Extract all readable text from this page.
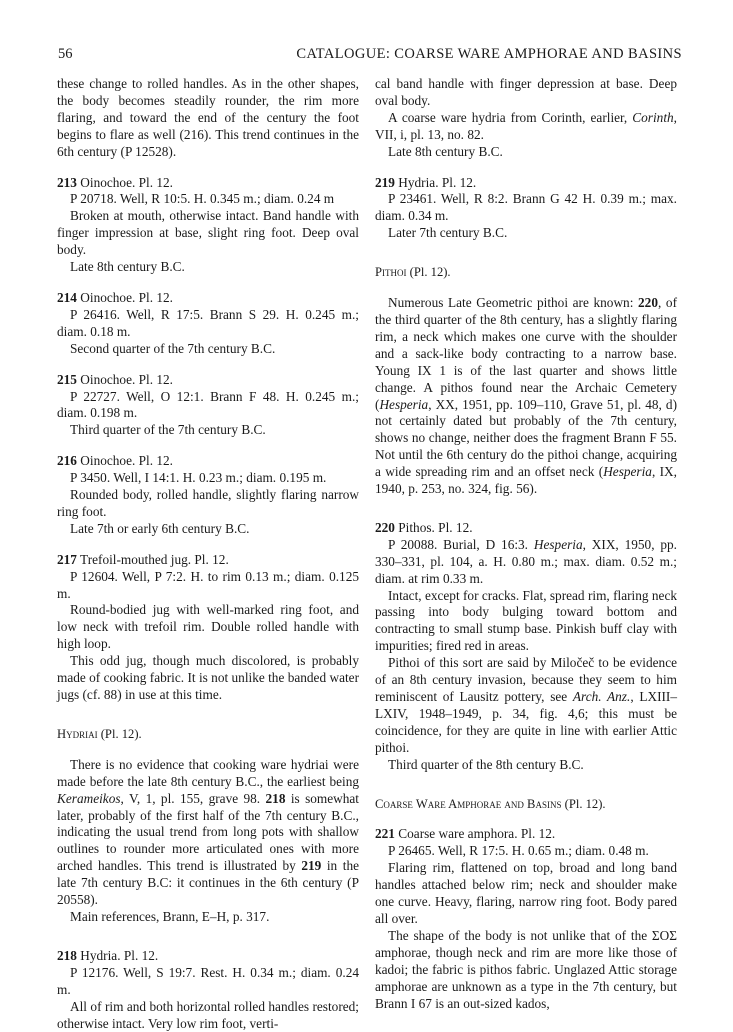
56	CATALOGUE: COARSE WARE AMPHORAE AND BASINS

these change to rolled handles. As in the other shapes, the body becomes steadily rounder, the rim more flaring, and toward the end of the century the foot begins to flare as well (216). This trend continues in the 6th century (P 12528).

213 Oinochoe. Pl. 12.

P 20718. Well, R 10:5. H. 0.345 m.; diam. 0.24 m

Broken at mouth, otherwise intact. Band handle with finger impression at base, slight ring foot. Deep oval body.

Late 8th century B.C.

214 Oinochoe. Pl. 12.

P 26416. Well, R 17:5. Brann S 29. H. 0.245 m.; diam. 0.18 m.

Second quarter of the 7th century B.C.

215 Oinochoe. Pl. 12.

P 22727. Well, O 12:1. Brann F 48. H. 0.245 m.; diam. 0.198 m.

Third quarter of the 7th century B.C.

216 Oinochoe. Pl. 12.

P 3450. Well, I 14:1. H. 0.23 m.; diam. 0.195 m.

Rounded body, rolled handle, slightly flaring narrow ring foot.

Late 7th or early 6th century B.C.

217 Trefoil-mouthed jug. Pl. 12.

P 12604. Well, P 7:2. H. to rim 0.13 m.; diam. 0.125 m.

Round-bodied jug with well-marked ring foot, and low neck with trefoil rim. Double rolled handle with high loop.

This odd jug, though much discolored, is probably made of cooking fabric. It is not unlike the banded water jugs (cf. 88) in use at this time.

Hydriai (Pl. 12).

There is no evidence that cooking ware hydriai were made before the late 8th century B.C., the earliest being Kerameikos, V, 1, pl. 155, grave 98. 218 is somewhat later, probably of the first half of the 7th century B.C., indicating the usual trend from long pots with shallow outlines to rounder more articulated ones with more arched handles. This trend is illustrated by 219 in the late 7th century B.C: it continues in the 6th century (P 20558).

Main references, Brann, E–H, p. 317.

218 Hydria. Pl. 12.

P 12176. Well, S 19:7. Rest. H. 0.34 m.; diam. 0.24 m.

All of rim and both horizontal rolled handles restored; otherwise intact. Very low rim foot, verti-

cal band handle with finger depression at base. Deep oval body.

A coarse ware hydria from Corinth, earlier, Corinth, VII, i, pl. 13, no. 82.

Late 8th century B.C.

219 Hydria. Pl. 12.

P 23461. Well, R 8:2. Brann G 42 H. 0.39 m.; max. diam. 0.34 m.

Later 7th century B.C.

Pithoi (Pl. 12).

Numerous Late Geometric pithoi are known: 220, of the third quarter of the 8th century, has a slightly flaring rim, a neck which makes one curve with the shoulder and a sack-like body contracting to a narrow base. Young IX 1 is of the last quarter and shows little change. A pithos found near the Archaic Cemetery (Hesperia, XX, 1951, pp. 109–110, Grave 51, pl. 48, d) not certainly dated but probably of the 7th century, shows no change, neither does the fragment Brann F 55. Not until the 6th century do the pithoi change, acquiring a wide spreading rim and an offset neck (Hesperia, IX, 1940, p. 253, no. 324, fig. 56).

220 Pithos. Pl. 12.

P 20088. Burial, D 16:3. Hesperia, XIX, 1950, pp. 330–331, pl. 104, a. H. 0.80 m.; max. diam. 0.52 m.; diam. at rim 0.33 m.

Intact, except for cracks. Flat, spread rim, flaring neck passing into body bulging toward bottom and contracting to small stump base. Pinkish buff clay with impurities; fired red in areas.

Pithoi of this sort are said by Miločeč to be evidence of an 8th century invasion, because they seem to him reminiscent of Lausitz pottery, see Arch. Anz., LXIII–LXIV, 1948–1949, p. 34, fig. 4,6; this must be coincidence, for they are quite in line with earlier Attic pithoi.

Third quarter of the 8th century B.C.

Coarse Ware Amphorae and Basins (Pl. 12).

221 Coarse ware amphora. Pl. 12.

P 26465. Well, R 17:5. H. 0.65 m.; diam. 0.48 m.

Flaring rim, flattened on top, broad and long band handles attached below rim; neck and shoulder make one curve. Heavy, flaring, narrow ring foot. Body pared all over.

The shape of the body is not unlike that of the ΣΟΣ amphorae, though neck and rim are more like those of kadoi; the fabric is pithos fabric. Unglazed Attic storage amphorae are unknown as a type in the 7th century, but Brann I 67 is an out-sized kados,
